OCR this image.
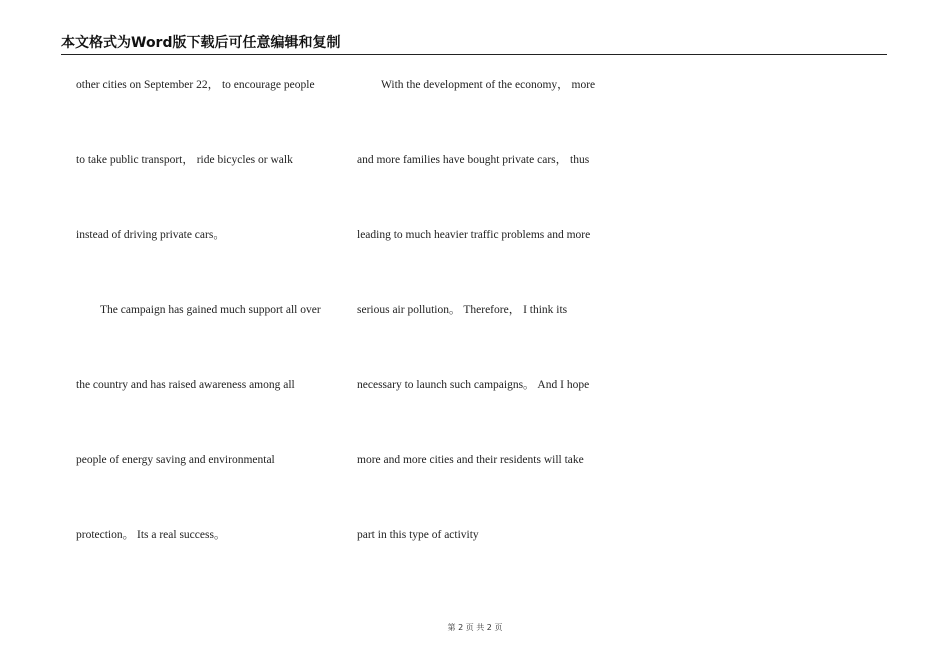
本文格式为Word版下载后可任意编辑和复制
other cities on September 22， to encourage people
to take public transport， ride bicycles or walk
instead of driving private cars。
The campaign has gained much support all over
the country and has raised awareness among all
people of energy saving and environmental
protection。 Its a real success。
With the development of the economy， more
and more families have bought private cars， thus
leading to much heavier traffic problems and more
serious air pollution。 Therefore， I think its
necessary to launch such campaigns。 And I hope
more and more cities and their residents will take
part in this type of activity
第 2 页 共 2 页
